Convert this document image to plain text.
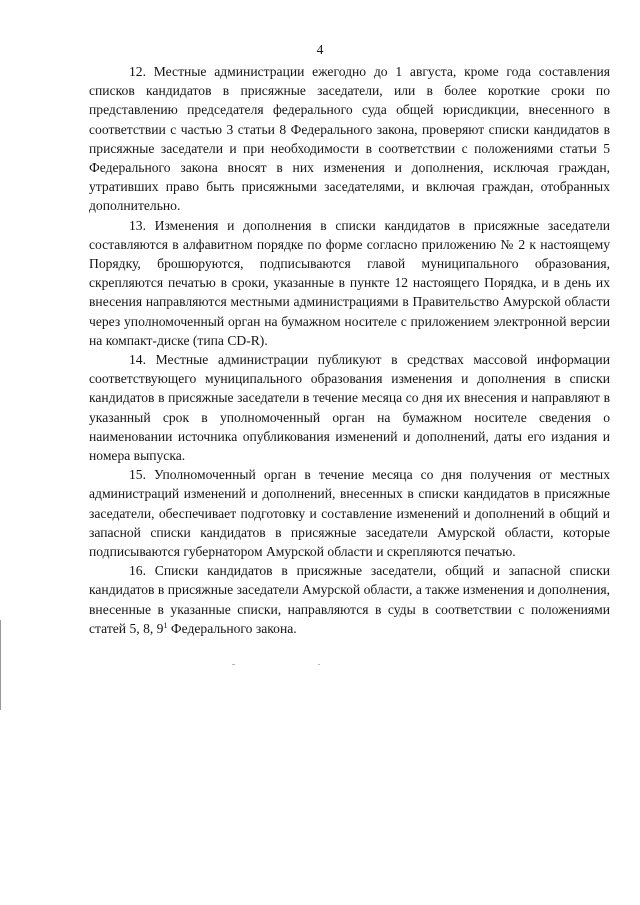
4

12. Местные администрации ежегодно до 1 августа, кроме года составления списков кандидатов в присяжные заседатели, или в более короткие сроки по представлению председателя федерального суда общей юрисдикции, внесенного в соответствии с частью 3 статьи 8 Федерального закона, проверяют списки кандидатов в присяжные заседатели и при необходимости в соответствии с положениями статьи 5 Федерального закона вносят в них изменения и дополнения, исключая граждан, утративших право быть присяжными заседателями, и включая граждан, отобранных дополнительно.

13. Изменения и дополнения в списки кандидатов в присяжные заседатели составляются в алфавитном порядке по форме согласно приложению № 2 к настоящему Порядку, брошюруются, подписываются главой муниципального образования, скрепляются печатью в сроки, указанные в пункте 12 настоящего Порядка, и в день их внесения направляются местными администрациями в Правительство Амурской области через уполномоченный орган на бумажном носителе с приложением электронной версии на компакт-диске (типа CD-R).

14. Местные администрации публикуют в средствах массовой информации соответствующего муниципального образования изменения и дополнения в списки кандидатов в присяжные заседатели в течение месяца со дня их внесения и направляют в указанный срок в уполномоченный орган на бумажном носителе сведения о наименовании источника опубликования изменений и дополнений, даты его издания и номера выпуска.

15. Уполномоченный орган в течение месяца со дня получения от местных администраций изменений и дополнений, внесенных в списки кандидатов в присяжные заседатели, обеспечивает подготовку и составление изменений и дополнений в общий и запасной списки кандидатов в присяжные заседатели Амурской области, которые подписываются губернатором Амурской области и скрепляются печатью.

16. Списки кандидатов в присяжные заседатели, общий и запасной списки кандидатов в присяжные заседатели Амурской области, а также изменения и дополнения, внесенные в указанные списки, направляются в суды в соответствии с положениями статей 5, 8, $9^1$ Федерального закона.
